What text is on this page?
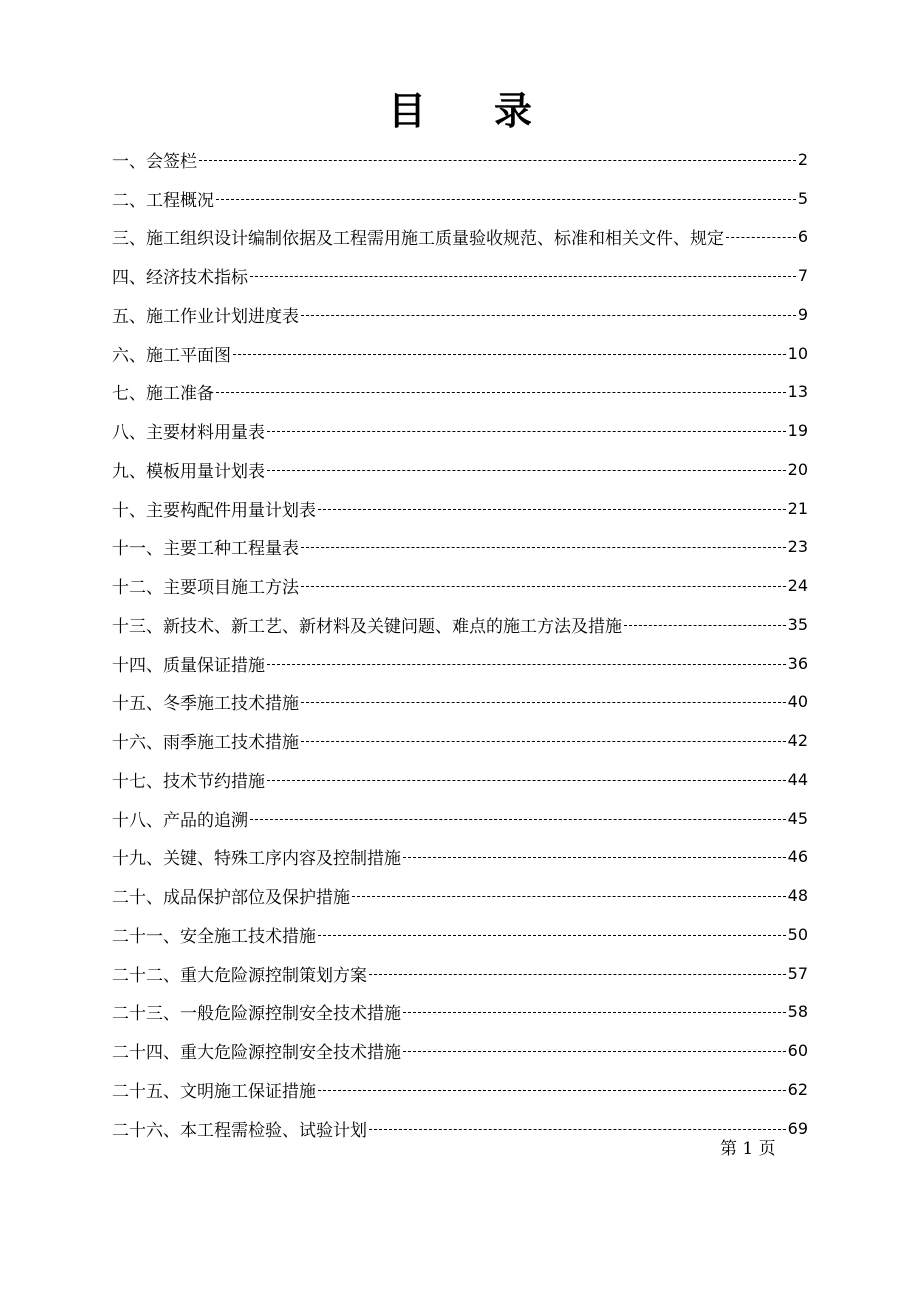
目录
一、会签栏	2
二、工程概况	5
三、施工组织设计编制依据及工程需用施工质量验收规范、标准和相关文件、规定	6
四、经济技术指标	7
五、施工作业计划进度表	9
六、施工平面图	10
七、施工准备	13
八、主要材料用量表	19
九、模板用量计划表	20
十、主要构配件用量计划表	21
十一、主要工种工程量表	23
十二、主要项目施工方法	24
十三、新技术、新工艺、新材料及关键问题、难点的施工方法及措施	35
十四、质量保证措施	36
十五、冬季施工技术措施	40
十六、雨季施工技术措施	42
十七、技术节约措施	44
十八、产品的追溯	45
十九、关键、特殊工序内容及控制措施	46
二十、成品保护部位及保护措施	48
二十一、安全施工技术措施	50
二十二、重大危险源控制策划方案	57
二十三、一般危险源控制安全技术措施	58
二十四、重大危险源控制安全技术措施	60
二十五、文明施工保证措施	62
二十六、本工程需检验、试验计划	69
第 1 页
